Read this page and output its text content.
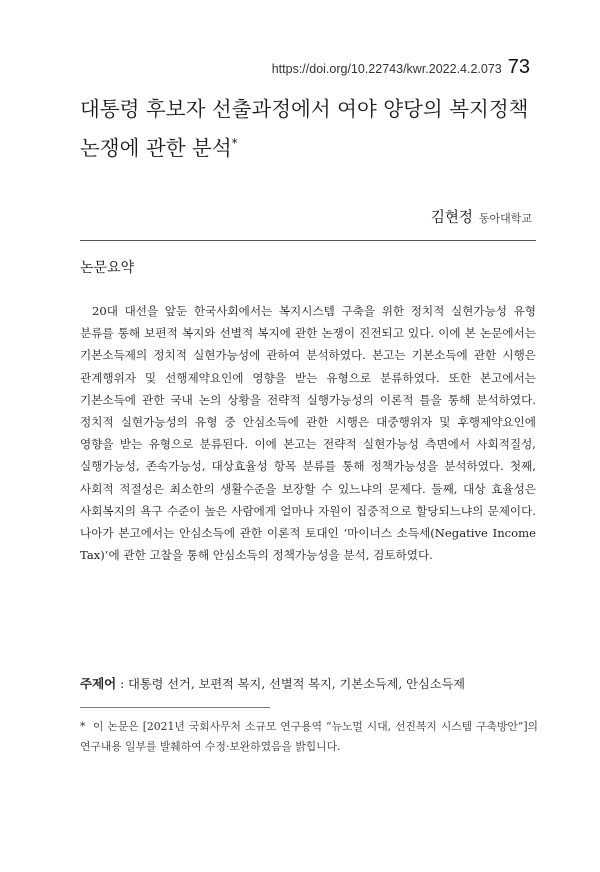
https://doi.org/10.22743/kwr.2022.4.2.073 73
대통령 후보자 선출과정에서 여야 양당의 복지정책
논쟁에 관한 분석*
김현정 동아대학교
논문요약

20대 대선을 앞둔 한국사회에서는 복지시스템 구축을 위한 정치적 실현가능성 유형 분류를 통해 보편적 복지와 선별적 복지에 관한 논쟁이 진전되고 있다. 이에 본 논문에서는 기본소득제의 정치적 실현가능성에 관하여 분석하였다. 본고는 기본소득에 관한 시행은 관계행위자 및 선행제약요인에 영향을 받는 유형으로 분류하였다. 또한 본고에서는 기본소득에 관한 국내 논의 상황을 전략적 실행가능성의 이론적 틀을 통해 분석하였다. 정치적 실현가능성의 유형 중 안심소득에 관한 시행은 대중행위자 및 후행제약요인에 영향을 받는 유형으로 분류된다. 이에 본고는 전략적 실현가능성 측면에서 사회적질성, 실행가능성, 존속가능성, 대상효율성 항목 분류를 통해 정책가능성을 분석하였다. 첫째, 사회적 적절성은 최소한의 생활수준을 보장할 수 있느냐의 문제다. 둘째, 대상 효율성은 사회복지의 욕구 수준이 높은 사람에게 얼마나 자원이 집중적으로 할당되느냐의 문제이다. 나아가 본고에서는 안심소득에 관한 이론적 토대인 ‘마이너스 소득세(Negative Income Tax)’에 관한 고찰을 통해 안심소득의 정책가능성을 분석, 검토하였다.

주제어 : 대통령 선거, 보편적 복지, 선별적 복지, 기본소득제, 안심소득제

* 이 논문은 [2021년 국회사무처 소규모 연구용역 “뉴노멀 시대, 선진복지 시스템 구축방안”]의 연구내용 일부를 발췌하여 수정·보완하였음을 밝힙니다.
